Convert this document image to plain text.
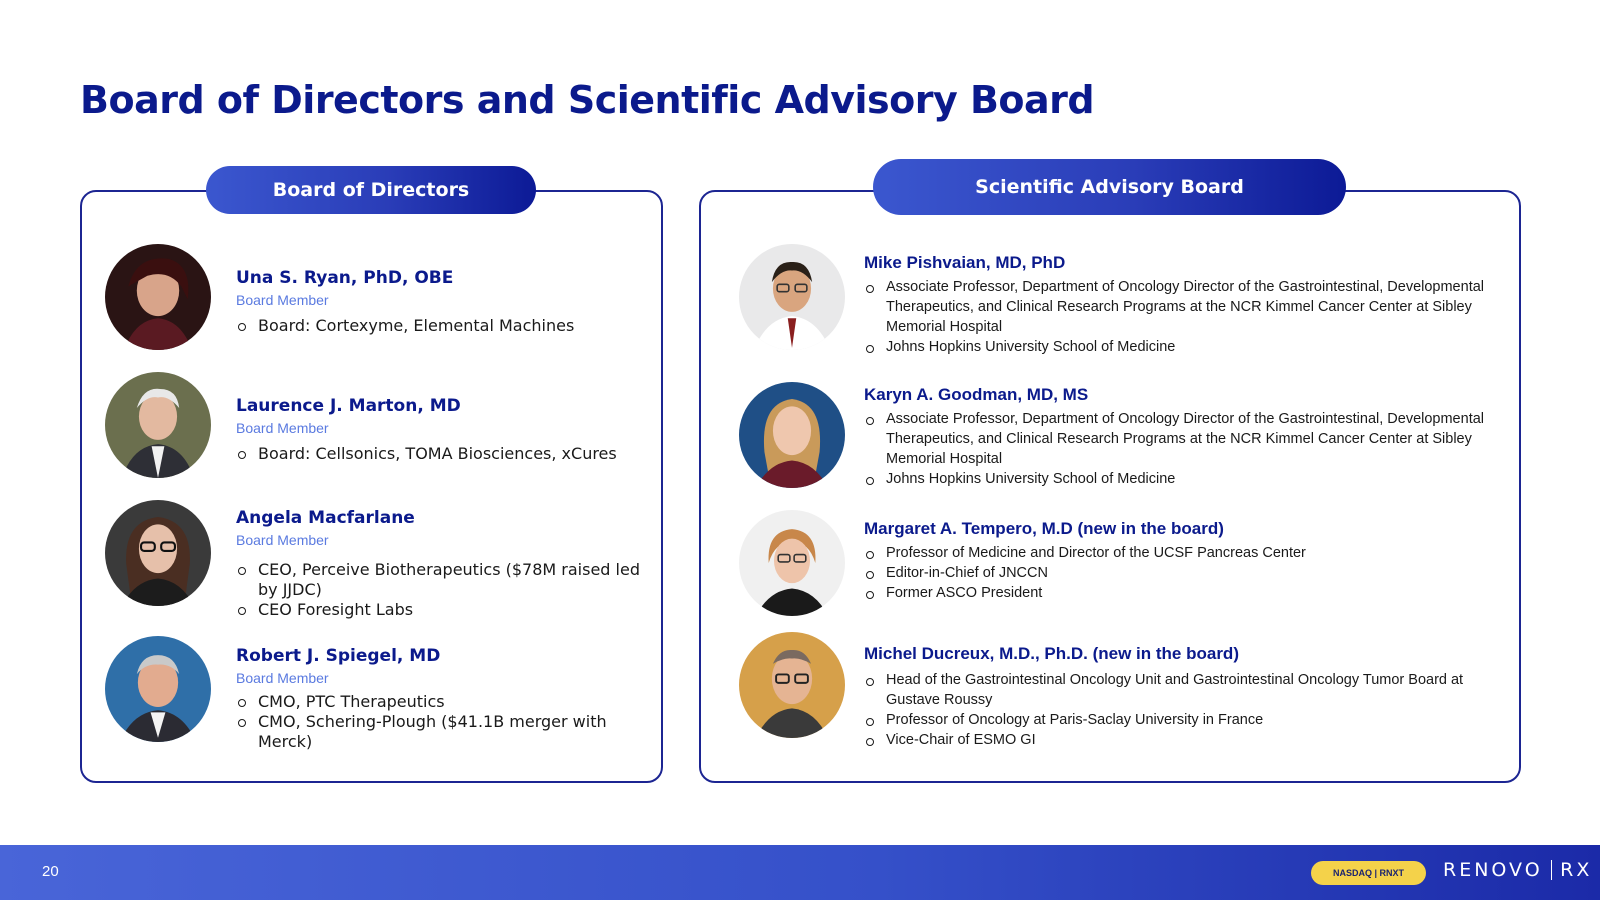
Board of Directors and Scientific Advisory Board
Board of Directors
Una S. Ryan, PhD, OBE
Board Member
Board: Cortexyme, Elemental Machines
Laurence J. Marton, MD
Board Member
Board: Cellsonics, TOMA Biosciences, xCures
Angela Macfarlane
Board Member
CEO, Perceive Biotherapeutics ($78M raised led by JJDC)
CEO Foresight Labs
Robert J. Spiegel, MD
Board Member
CMO, PTC Therapeutics
CMO, Schering-Plough ($41.1B merger with Merck)
Scientific Advisory Board
Mike Pishvaian, MD, PhD
Associate Professor, Department of Oncology Director of the Gastrointestinal, Developmental Therapeutics, and Clinical Research Programs at the NCR Kimmel Cancer Center at Sibley Memorial Hospital
Johns Hopkins University School of Medicine
Karyn A. Goodman, MD, MS
Associate Professor, Department of Oncology Director of the Gastrointestinal, Developmental Therapeutics, and Clinical Research Programs at the NCR Kimmel Cancer Center at Sibley Memorial Hospital
Johns Hopkins University School of Medicine
Margaret A. Tempero, M.D (new in the board)
Professor of Medicine and Director of the UCSF Pancreas Center
Editor-in-Chief of JNCCN
Former ASCO President
Michel Ducreux, M.D., Ph.D. (new in the board)
Head of the Gastrointestinal Oncology Unit and Gastrointestinal Oncology Tumor Board at Gustave Roussy
Professor of Oncology at Paris-Saclay University in France
Vice-Chair of ESMO GI
20	NASDAQ | RNXT	RENOVO RX
